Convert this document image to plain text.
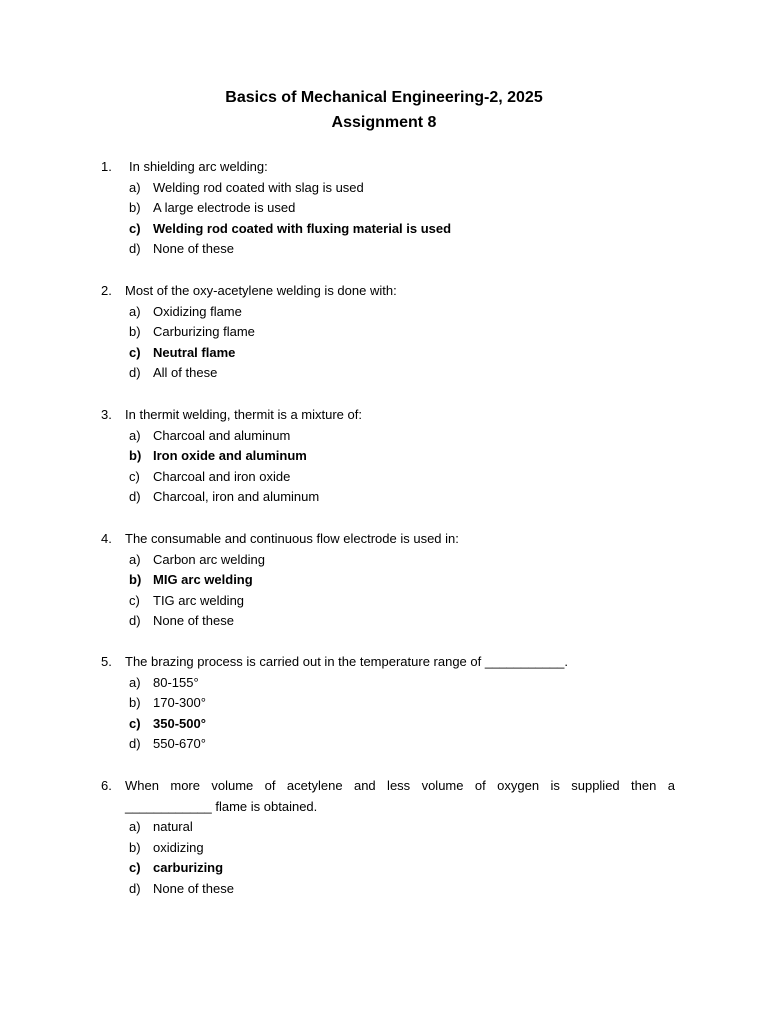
Basics of Mechanical Engineering-2, 2025
Assignment 8
1.	In shielding arc welding:
a) Welding rod coated with slag is used
b) A large electrode is used
c) Welding rod coated with fluxing material is used
d) None of these
2.	Most of the oxy-acetylene welding is done with:
a) Oxidizing flame
b) Carburizing flame
c) Neutral flame
d) All of these
3.	In thermit welding, thermit is a mixture of:
a) Charcoal and aluminum
b) Iron oxide and aluminum
c)	Charcoal and iron oxide
d) Charcoal, iron and aluminum
4.	The consumable and continuous flow electrode is used in:
a) Carbon arc welding
b) MIG arc welding
c)	TIG arc welding
d) None of these
5.	The brazing process is carried out in the temperature range of ___________.
a) 80-155°
b) 170-300°
c) 350-500°
d) 550-670°
6.	When more volume of acetylene and less volume of oxygen is supplied then a
____________ flame is obtained.
a) natural
b) oxidizing
c) carburizing
d) None of these
